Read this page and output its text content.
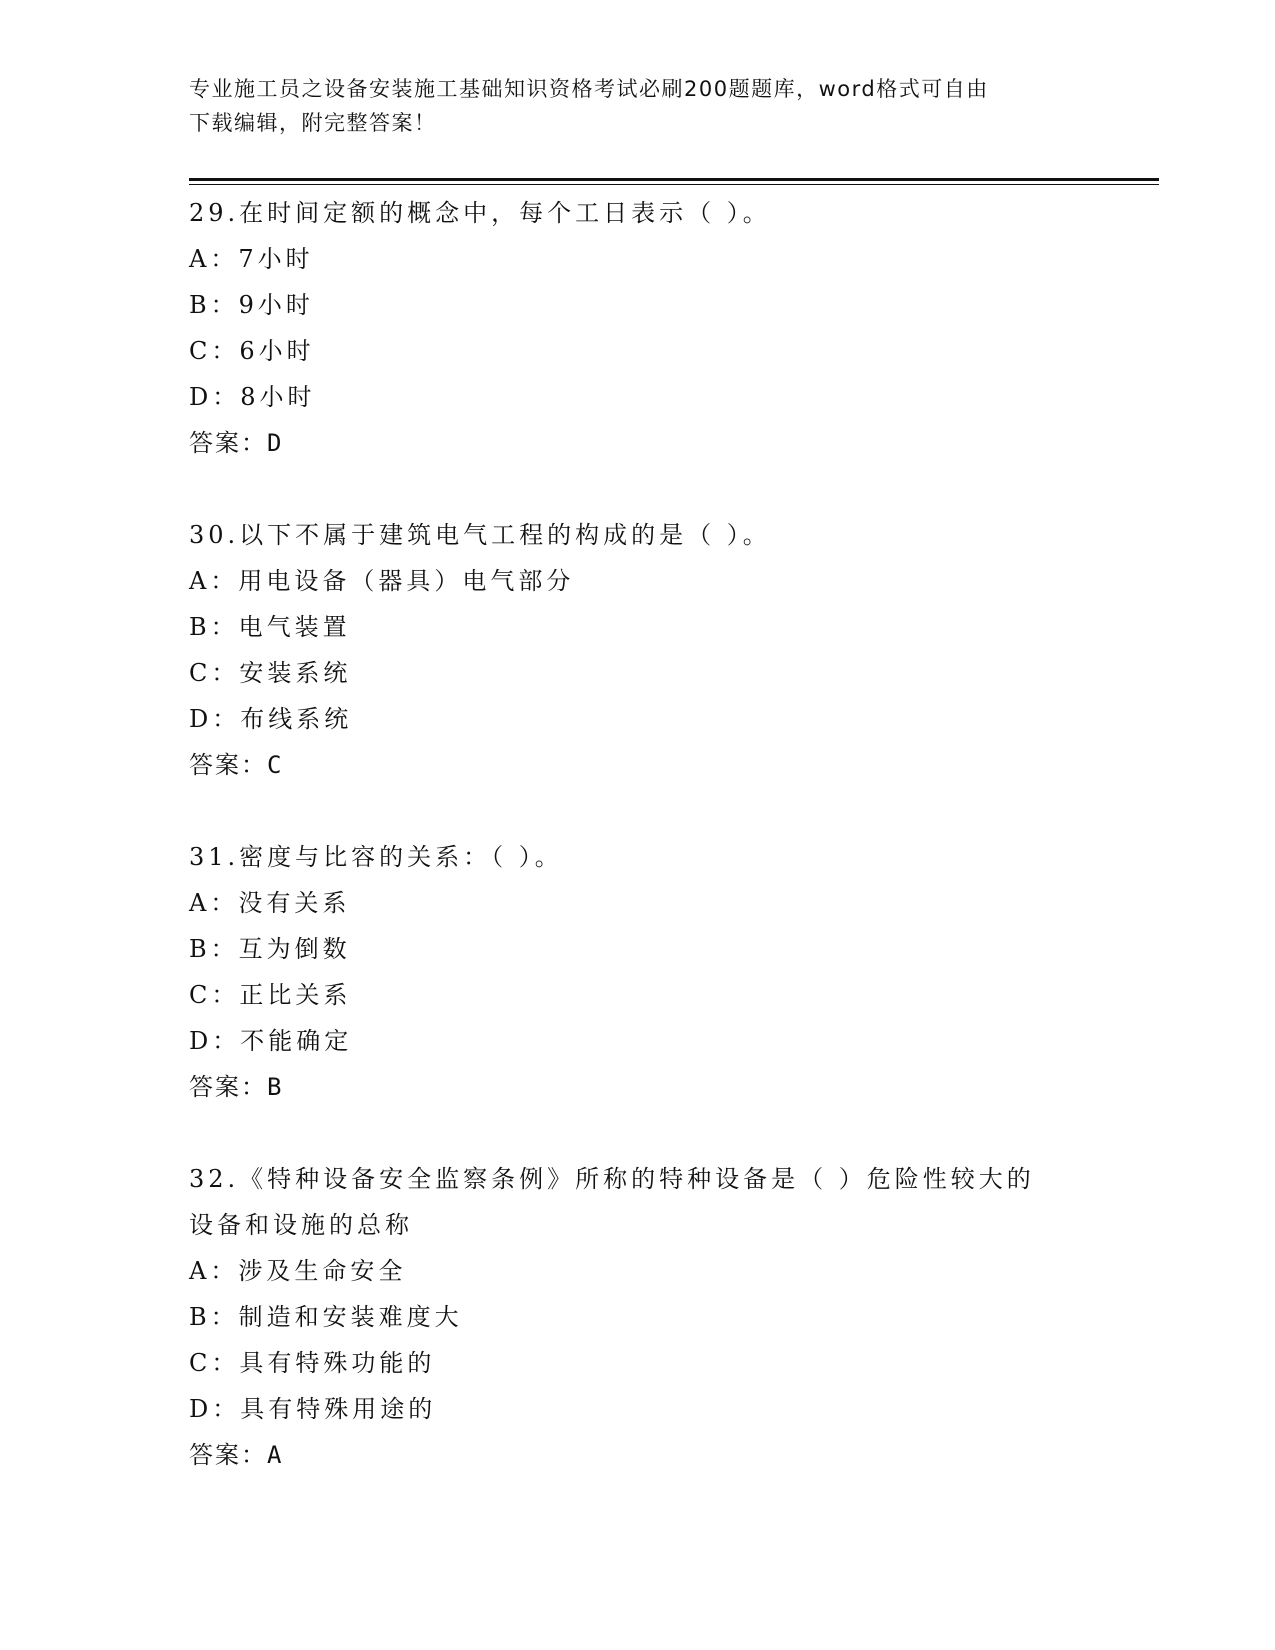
专业施工员之设备安装施工基础知识资格考试必刷200题题库，word格式可自由
下载编辑，附完整答案！
29.在时间定额的概念中，每个工日表示（ ）。
A：7小时
B：9小时
C：6小时
D：8小时
答案：D
30.以下不属于建筑电气工程的构成的是（ ）。
A：用电设备（器具）电气部分
B：电气装置
C：安装系统
D：布线系统
答案：C
31.密度与比容的关系：（ ）。
A：没有关系
B：互为倒数
C：正比关系
D：不能确定
答案：B
32.《特种设备安全监察条例》所称的特种设备是（ ）危险性较大的
设备和设施的总称
A：涉及生命安全
B：制造和安装难度大
C：具有特殊功能的
D：具有特殊用途的
答案：A
